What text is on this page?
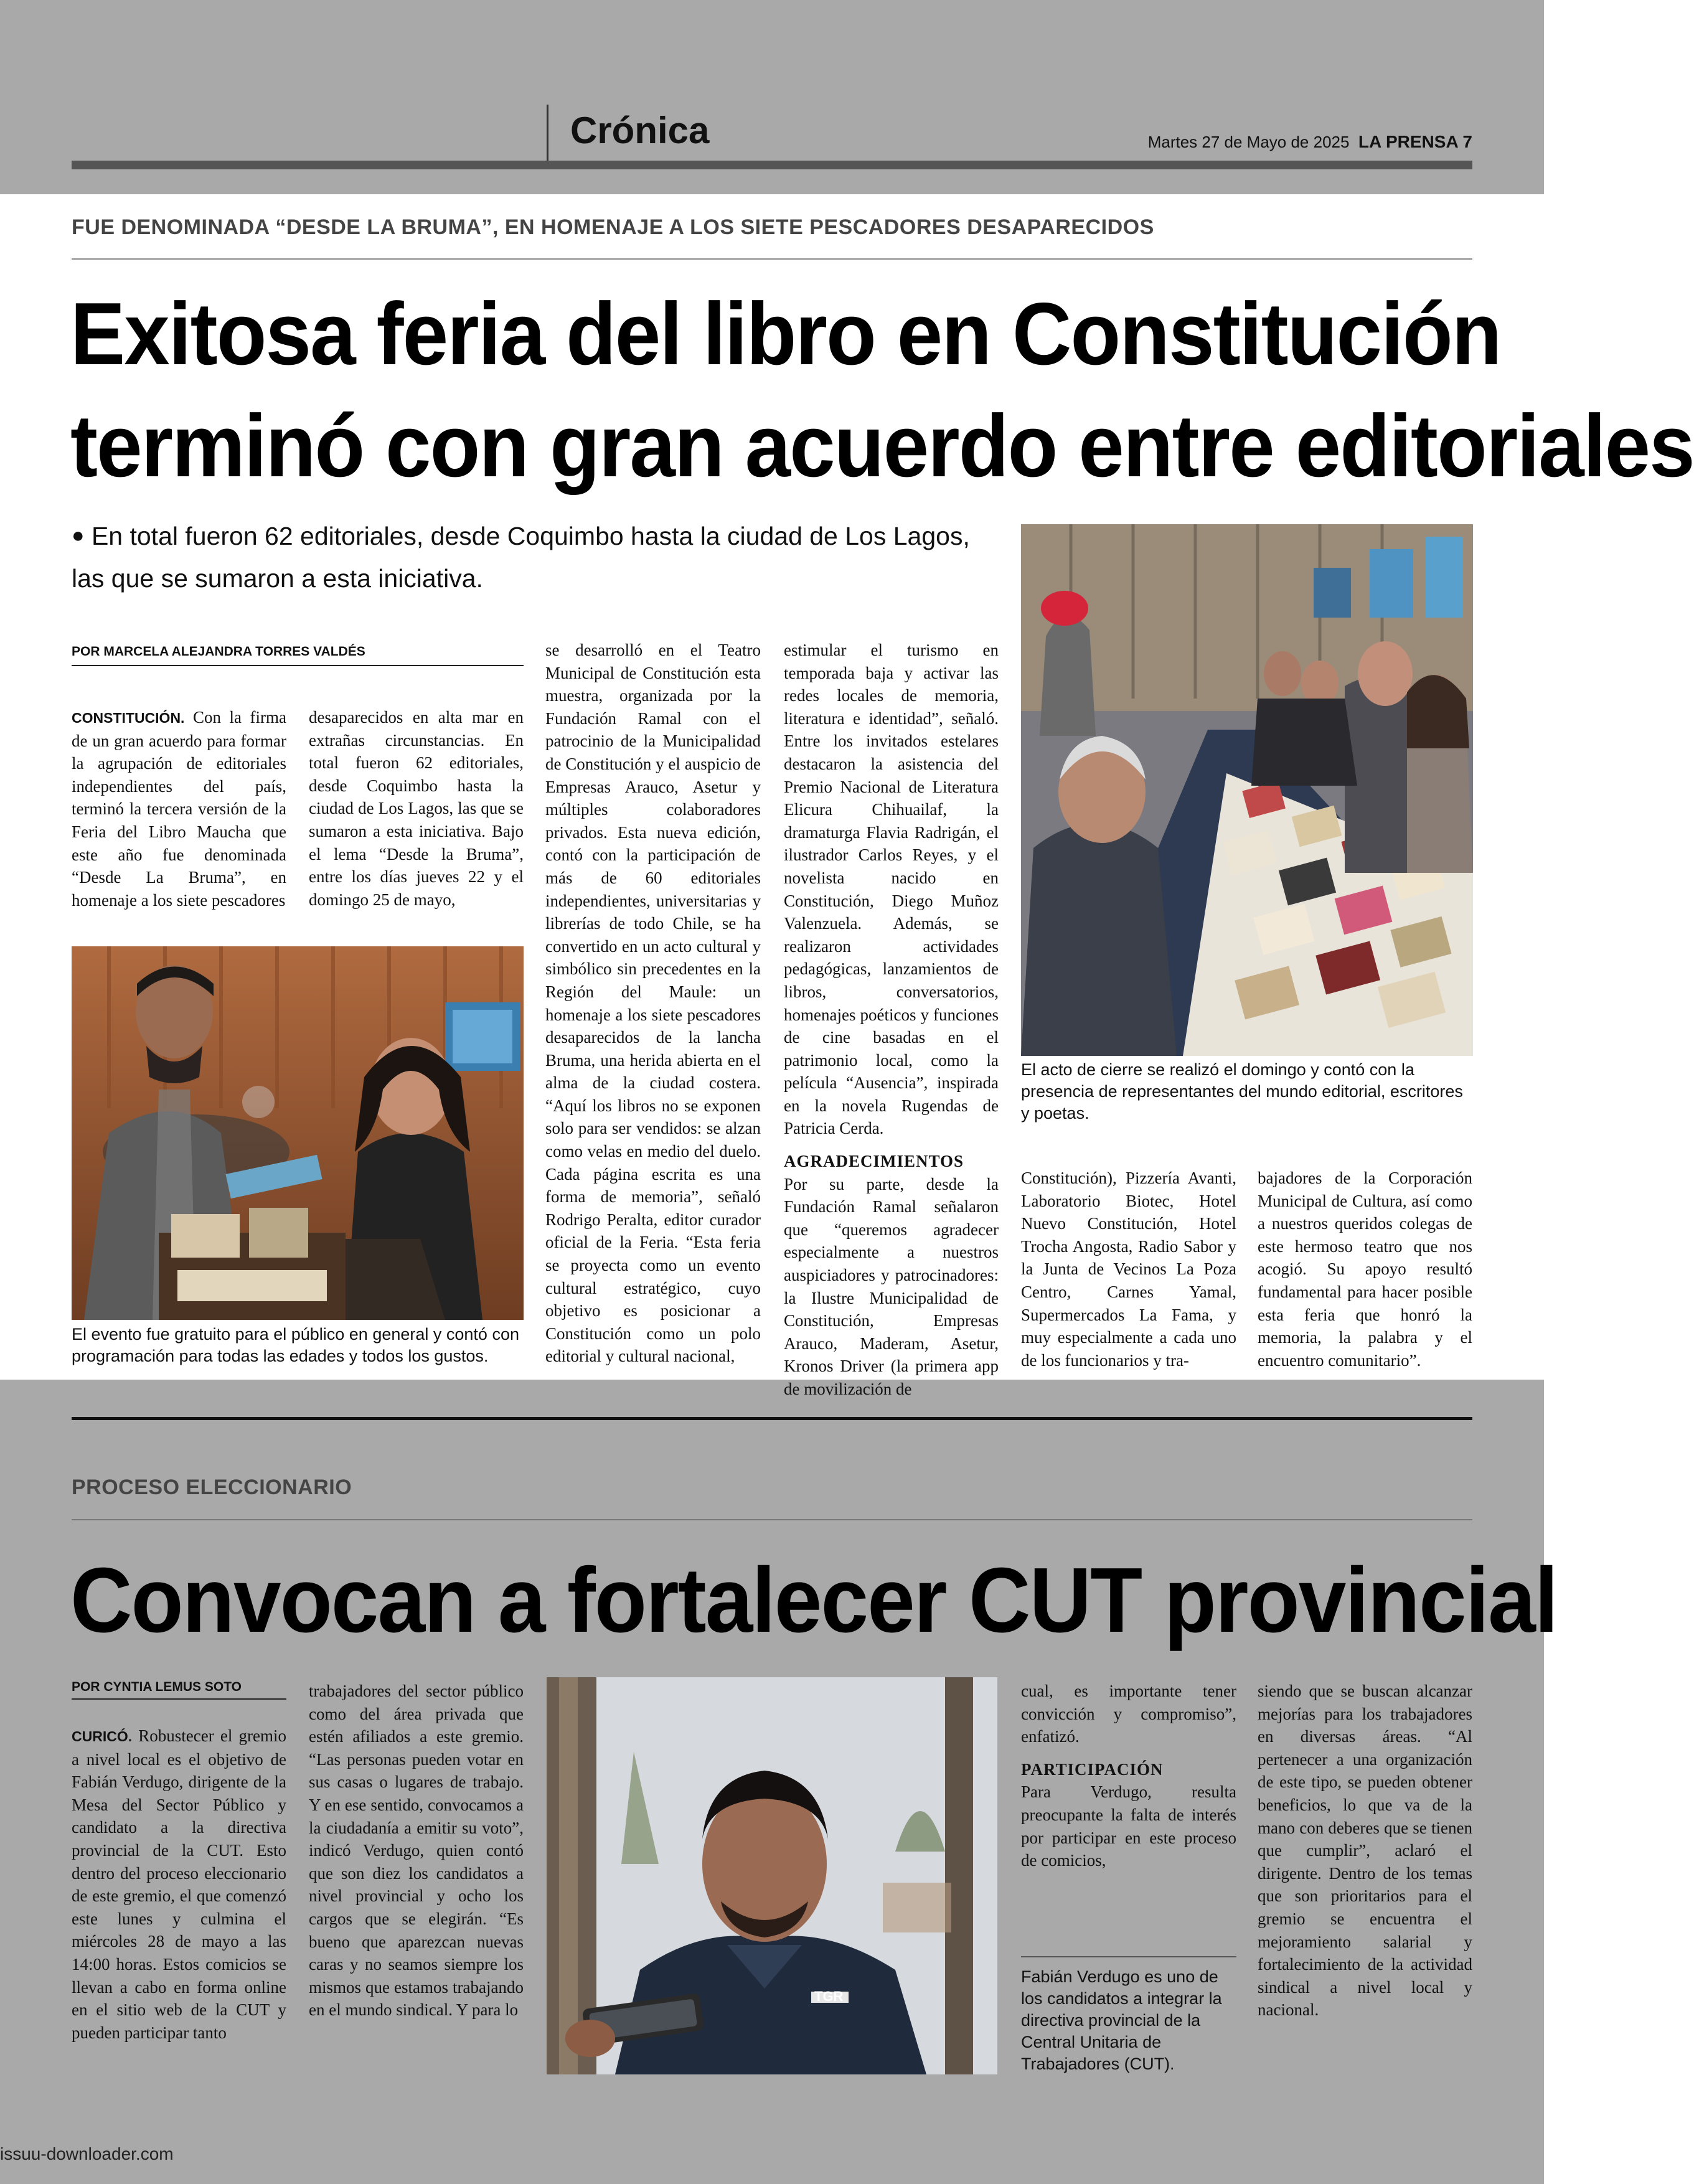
Crónica	Martes 27 de Mayo de 2025 LA PRENSA 7
FUE DENOMINADA “DESDE LA BRUMA”, EN HOMENAJE A LOS SIETE PESCADORES DESAPARECIDOS
Exitosa feria del libro en Constitución
terminó con gran acuerdo entre editoriales
● En total fueron 62 editoriales, desde Coquimbo hasta la ciudad de Los Lagos, las que se sumaron a esta iniciativa.
POR MARCELA ALEJANDRA TORRES VALDÉS
CONSTITUCIÓN. Con la firma de un gran acuerdo para formar la agrupación de editoriales independientes del país, terminó la tercera versión de la Feria del Libro Maucha que este año fue denominada “Desde La Bruma”, en homenaje a los siete pescadores
desaparecidos en alta mar en extrañas circunstancias. En total fueron 62 editoriales, desde Coquimbo hasta la ciudad de Los Lagos, las que se sumaron a esta iniciativa. Bajo el lema “Desde la Bruma”, entre los días jueves 22 y el domingo 25 de mayo,
se desarrolló en el Teatro Municipal de Constitución esta muestra, organizada por la Fundación Ramal con el patrocinio de la Municipalidad de Constitución y el auspicio de Empresas Arauco, Asetur y múltiples colaboradores privados. Esta nueva edición, contó con la participación de más de 60 editoriales independientes, universitarias y librerías de todo Chile, se ha convertido en un acto cultural y simbólico sin precedentes en la Región del Maule: un homenaje a los siete pescadores desaparecidos de la lancha Bruma, una herida abierta en el alma de la ciudad costera. “Aquí los libros no se exponen solo para ser vendidos: se alzan como velas en medio del duelo. Cada página escrita es una forma de memoria”, señaló Rodrigo Peralta, editor curador oficial de la Feria. “Esta feria se proyecta como un evento cultural estratégico, cuyo objetivo es posicionar a Constitución como un polo editorial y cultural nacional,
estimular el turismo en temporada baja y activar las redes locales de memoria, literatura e identidad”, señaló. Entre los invitados estelares destacaron la asistencia del Premio Nacional de Literatura Elicura Chihuailaf, la dramaturga Flavia Radrigán, el ilustrador Carlos Reyes, y el novelista nacido en Constitución, Diego Muñoz Valenzuela. Además, se realizaron actividades pedagógicas, lanzamientos de libros, conversatorios, homenajes poéticos y funciones de cine basadas en el patrimonio local, como la película “Ausencia”, inspirada en la novela Rugendas de Patricia Cerda.
AGRADECIMIENTOS
Por su parte, desde la Fundación Ramal señalaron que “queremos agradecer especialmente a nuestros auspiciadores y patrocinadores: la Ilustre Municipalidad de Constitución, Empresas Arauco, Maderam, Asetur, Kronos Driver (la primera app de movilización de
Constitución), Pizzería Avanti, Laboratorio Biotec, Hotel Nuevo Constitución, Hotel Trocha Angosta, Radio Sabor y la Junta de Vecinos La Poza Centro, Carnes Yamal, Supermercados La Fama, y muy especialmente a cada uno de los funcionarios y tra-
bajadores de la Corporación Municipal de Cultura, así como a nuestros queridos colegas de este hermoso teatro que nos acogió. Su apoyo resultó fundamental para hacer posible esta feria que honró la memoria, la palabra y el encuentro comunitario”.
El evento fue gratuito para el público en general y contó con programación para todas las edades y todos los gustos.
El acto de cierre se realizó el domingo y contó con la presencia de representantes del mundo editorial, escritores y poetas.
PROCESO ELECCIONARIO
Convocan a fortalecer CUT provincial
POR CYNTIA LEMUS SOTO
CURICÓ. Robustecer el gremio a nivel local es el objetivo de Fabián Verdugo, dirigente de la Mesa del Sector Público y candidato a la directiva provincial de la CUT. Esto dentro del proceso eleccionario de este gremio, el que comenzó este lunes y culmina el miércoles 28 de mayo a las 14:00 horas. Estos comicios se llevan a cabo en forma online en el sitio web de la CUT y pueden participar tanto
trabajadores del sector público como del área privada que estén afiliados a este gremio. “Las personas pueden votar en sus casas o lugares de trabajo. Y en ese sentido, convocamos a la ciudadanía a emitir su voto”, indicó Verdugo, quien contó que son diez los candidatos a nivel provincial y ocho los cargos que se elegirán. “Es bueno que aparezcan nuevas caras y no seamos siempre los mismos que estamos trabajando en el mundo sindical. Y para lo
TGR
Fabián Verdugo es uno de los candidatos a integrar la directiva provincial de la Central Unitaria de Trabajadores (CUT).
cual, es importante tener convicción y compromiso”, enfatizó.
PARTICIPACIÓN
Para Verdugo, resulta preocupante la falta de interés por participar en este proceso de comicios,
siendo que se buscan alcanzar mejorías para los trabajadores en diversas áreas. “Al pertenecer a una organización de este tipo, se pueden obtener beneficios, lo que va de la mano con deberes que se tienen que cumplir”, aclaró el dirigente. Dentro de los temas que son prioritarios para el gremio se encuentra el mejoramiento salarial y fortalecimiento de la actividad sindical a nivel local y nacional.
issuu-downloader.com
